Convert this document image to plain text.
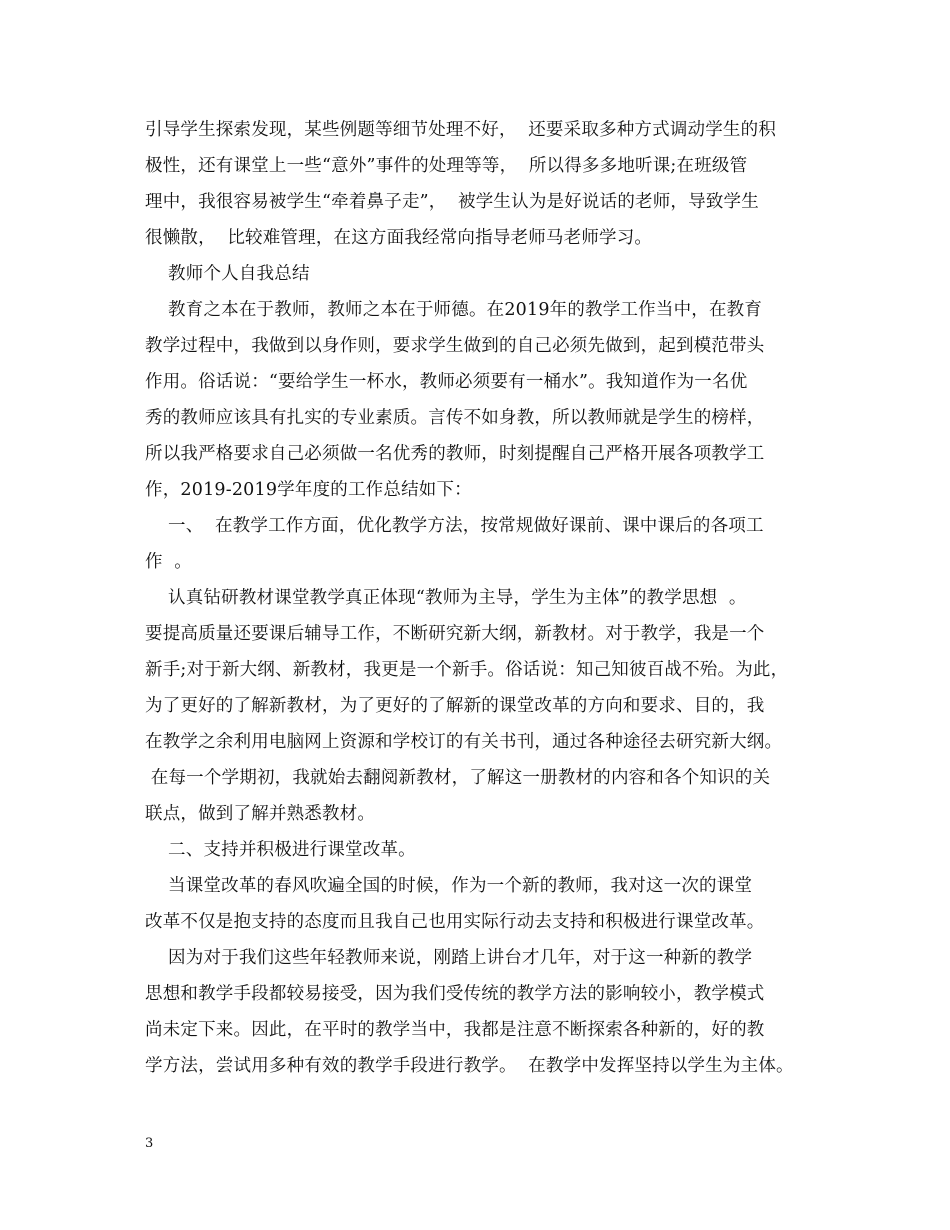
引导学生探索发现，某些例题等细节处理不好，  还要采取多种方式调动学生的积
极性，还有课堂上一些“意外”事件的处理等等，  所以得多多地听课;在班级管
理中，我很容易被学生“牵着鼻子走”，  被学生认为是好说话的老师，导致学生
很懒散，  比较难管理，在这方面我经常向指导老师马老师学习。
教师个人自我总结
教育之本在于教师，教师之本在于师德。在2019年的教学工作当中，在教育
教学过程中，我做到以身作则，要求学生做到的自己必须先做到，起到模范带头
作用。俗话说：“要给学生一杯水，教师必须要有一桶水”。我知道作为一名优
秀的教师应该具有扎实的专业素质。言传不如身教，所以教师就是学生的榜样，
所以我严格要求自己必须做一名优秀的教师，时刻提醒自己严格开展各项教学工
作，2019-2019学年度的工作总结如下：
一、  在教学工作方面，优化教学方法，按常规做好课前、课中课后的各项工
作  。
认真钻研教材课堂教学真正体现“教师为主导，学生为主体”的教学思想  。
要提高质量还要课后辅导工作，不断研究新大纲，新教材。对于教学，我是一个
新手;对于新大纲、新教材，我更是一个新手。俗话说：知己知彼百战不殆。为此，
为了更好的了解新教材，为了更好的了解新的课堂改革的方向和要求、目的，我
在教学之余利用电脑网上资源和学校订的有关书刊，通过各种途径去研究新大纲。
在每一个学期初，我就始去翻阅新教材，了解这一册教材的内容和各个知识的关
联点，做到了解并熟悉教材。
二、支持并积极进行课堂改革。
当课堂改革的春风吹遍全国的时候，作为一个新的教师，我对这一次的课堂
改革不仅是抱支持的态度而且我自己也用实际行动去支持和积极进行课堂改革。
因为对于我们这些年轻教师来说，刚踏上讲台才几年，对于这一种新的教学
思想和教学手段都较易接受，因为我们受传统的教学方法的影响较小，教学模式
尚未定下来。因此，在平时的教学当中，我都是注意不断探索各种新的，好的教
学方法，尝试用多种有效的教学手段进行教学。  在教学中发挥坚持以学生为主体。
3
